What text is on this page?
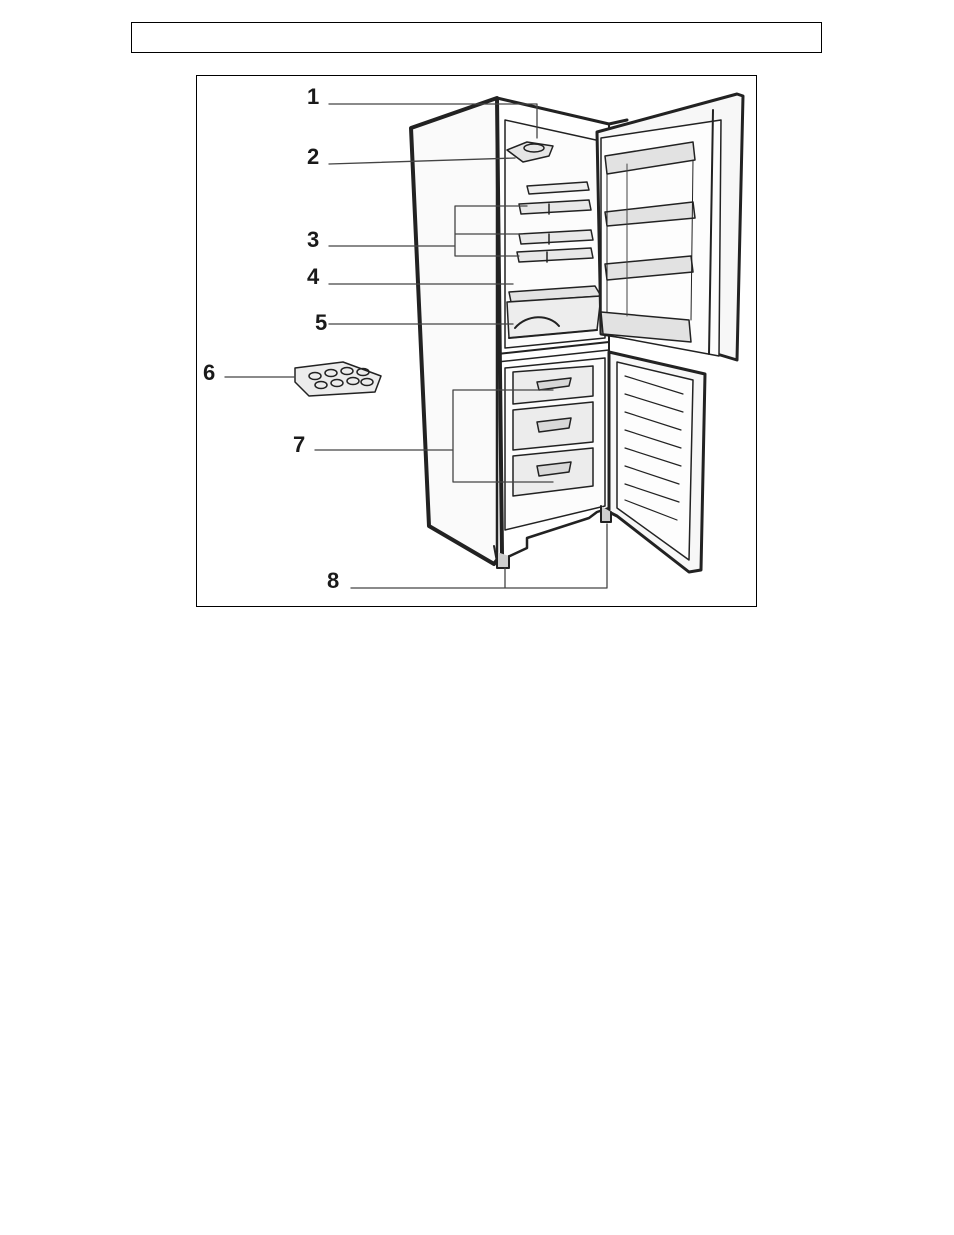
1
2
3
4
5
6
7
8
